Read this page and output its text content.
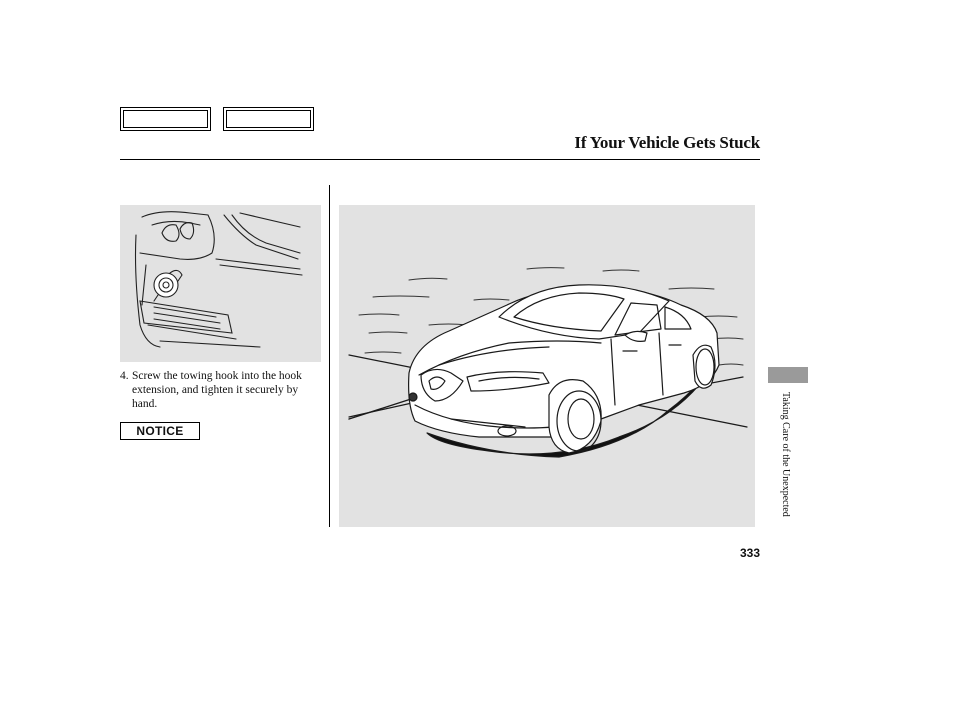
If Your Vehicle Gets Stuck
4. Screw the towing hook into the hook extension, and tighten it securely by hand.
NOTICE	Taking Care of the Unexpected
333
